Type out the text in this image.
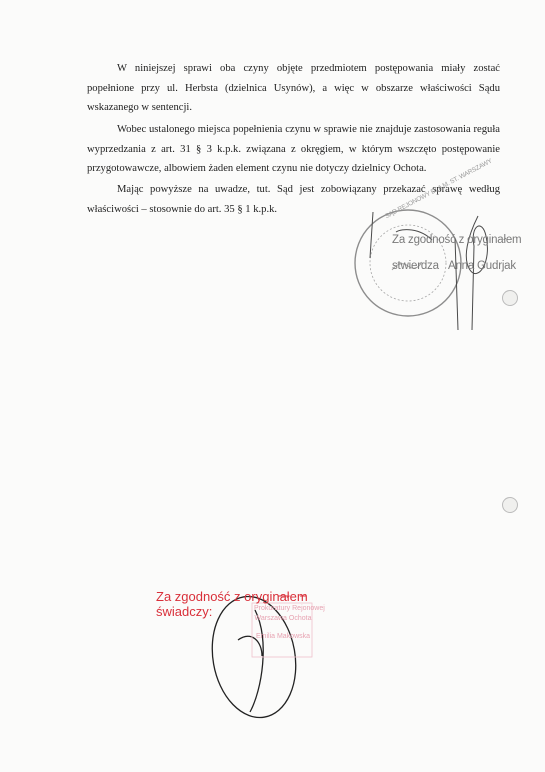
W niniejszej sprawi oba czyny objęte przedmiotem postępowania miały zostać popełnione przy ul. Herbsta (dzielnica Usynów), a więc w obszarze właściwości Sądu wskazanego w sentencji.

Wobec ustalonego miejsca popełnienia czynu w sprawie nie znajduje zastosowania reguła wyprzedzania z art. 31 § 3 k.p.k. związana z okręgiem, w którym wszczęto postępowanie przygotowawcze, albowiem żaden element czynu nie dotyczy dzielnicy Ochota.

Mając powyższe na uwadze, tut. Sąd jest zobowiązany przekazać sprawę według właściwości – stosownie do art. 35 § 1 k.p.k.

Za zgodność z oryginałem
stwierdza Anna Gudrjak
SĄD REJONOWY DLA M. ST. WARSZAWY
Za zgodność z oryginałem
świadczy:	Prokuratury Rejonowej
Warszawa Ochota
Emilia Makowska
